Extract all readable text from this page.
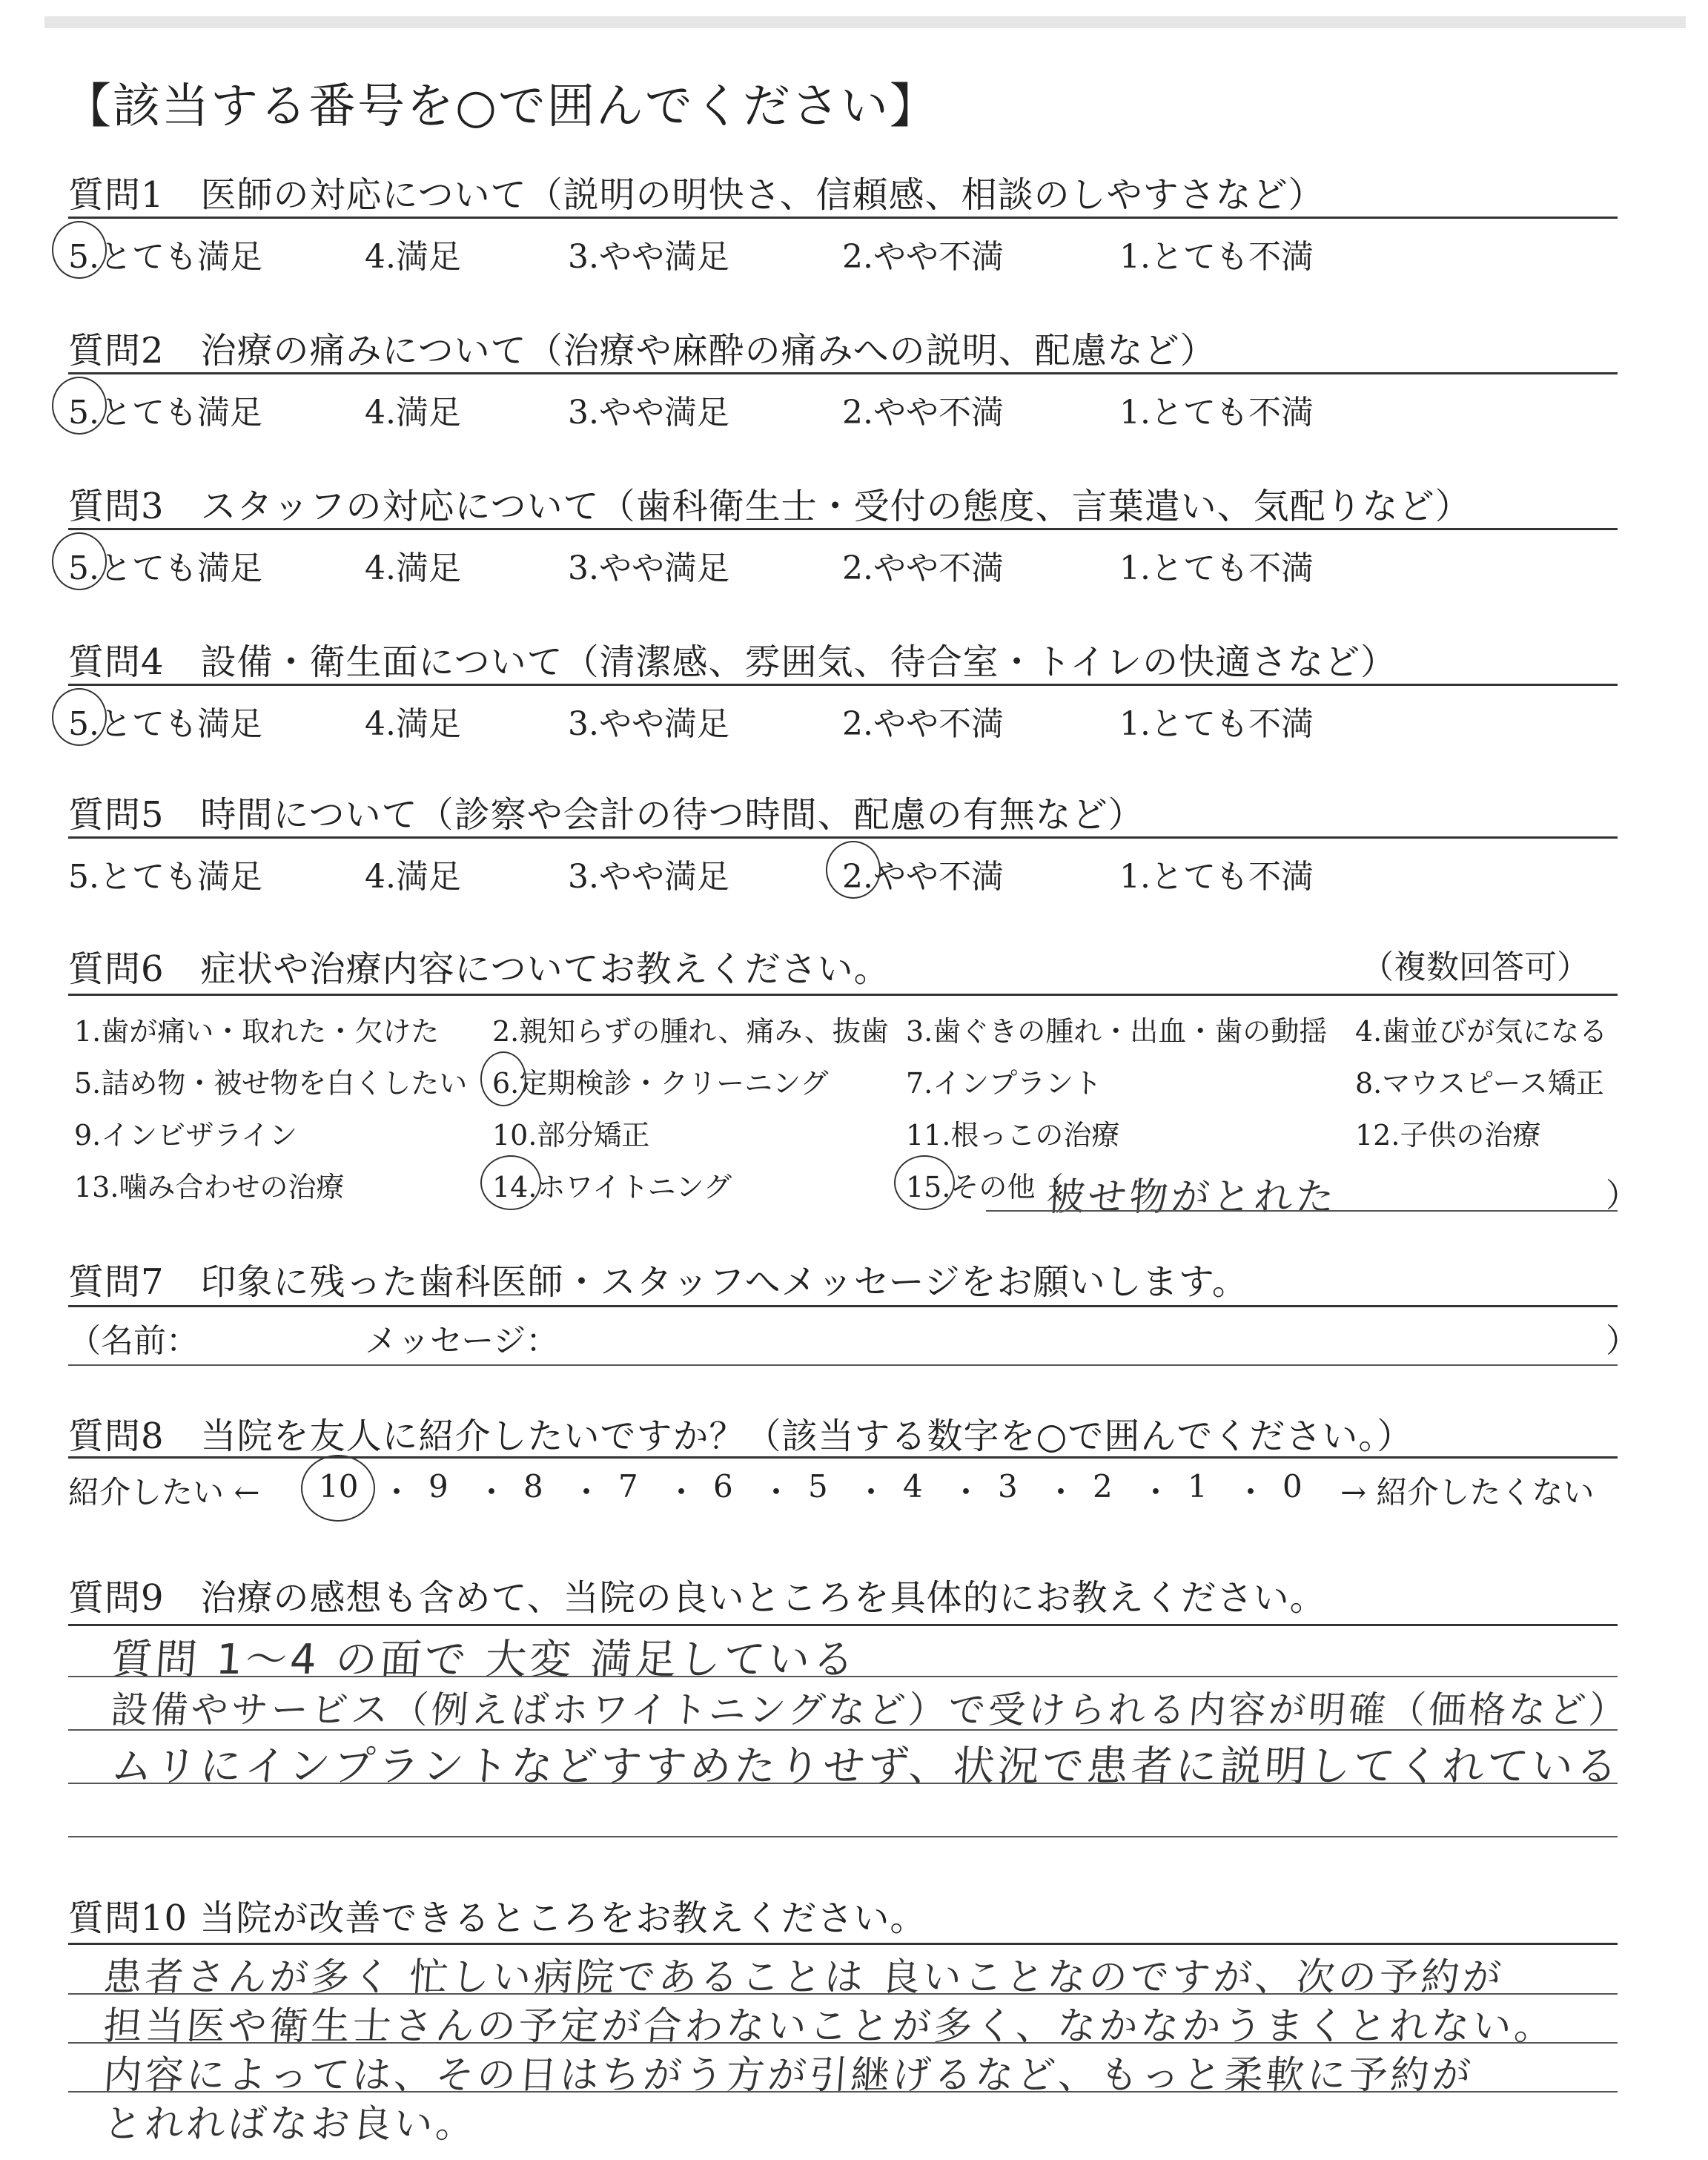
【該当する番号を○で囲んでください】
質問6　症状や治療内容についてお教えください。	（複数回答可）
1.歯が痛い・取れた・欠けた 2.親知らずの腫れ、痛み、抜歯 3.歯ぐきの腫れ・出血・歯の動揺 4.歯並びが気になる
5.詰め物・被せ物を白くしたい 6.定期検診・クリーニング	7.インプラント	8.マウスピース矯正
9.インビザライン	10.部分矯正	11.根っこの治療	12.子供の治療
13.噛み合わせの治療	14.ホワイトニング	15.その他（
被せ物がとれた	）
質問7　印象に残った歯科医師・スタッフへメッセージをお願いします。
（名前：	メッセージ：	）
質問8　当院を友人に紹介したいですか？（該当する数字を○で囲んでください。）
紹介したい ←	→ 紹介したくない
10 ・ 9 ・ 8 ・ 7 ・ 6 ・ 5 ・ 4 ・ 3 ・ 2 ・ 1 ・ 0
質問9　治療の感想も含めて、当院の良いところを具体的にお教えください。
質問 1～4 の面で 大変 満足している
設備やサービス（例えばホワイトニングなど）で受けられる内容が明確（価格など）
ムリにインプラントなどすすめたりせず、状況で患者に説明してくれている
質問10 当院が改善できるところをお教えください。
患者さんが多く 忙しい病院であることは 良いことなのですが、次の予約が
担当医や衛生士さんの予定が合わないことが多く、なかなかうまくとれない。
内容によっては、その日はちがう方が引継げるなど、もっと柔軟に予約が
とれればなお良い。
質問1　医師の対応について（説明の明快さ、信頼感、相談のしやすさなど）
5.とても満足	4.満足	3.やや満足	2.やや不満	1.とても不満
質問2　治療の痛みについて（治療や麻酔の痛みへの説明、配慮など）
5.とても満足	4.満足	3.やや満足	2.やや不満	1.とても不満
質問3　スタッフの対応について（歯科衛生士・受付の態度、言葉遣い、気配りなど）
5.とても満足	4.満足	3.やや満足	2.やや不満	1.とても不満
質問4　設備・衛生面について（清潔感、雰囲気、待合室・トイレの快適さなど）
5.とても満足	4.満足	3.やや満足	2.やや不満	1.とても不満
質問5　時間について（診察や会計の待つ時間、配慮の有無など）
5.とても満足	4.満足	3.やや満足	2.やや不満	1.とても不満
